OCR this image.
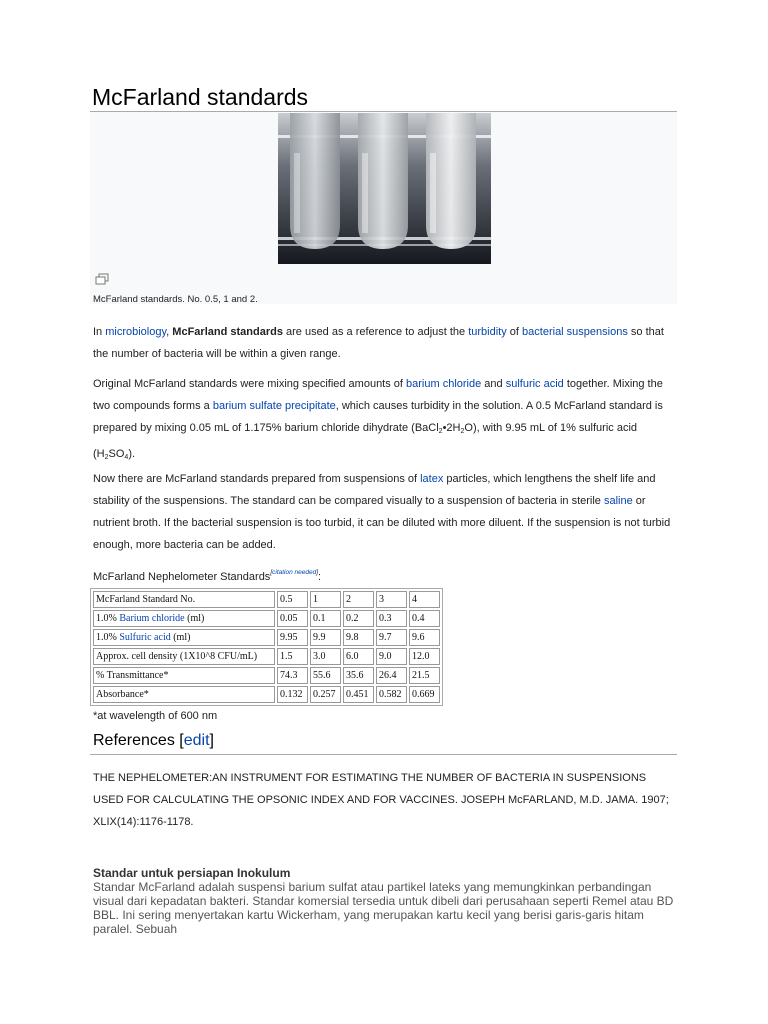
McFarland standards
McFarland standards. No. 0.5, 1 and 2.
In microbiology, McFarland standards are used as a reference to adjust the turbidity of bacterial suspensions so that the number of bacteria will be within a given range.
Original McFarland standards were mixing specified amounts of barium chloride and sulfuric acid together. Mixing the two compounds forms a barium sulfate precipitate, which causes turbidity in the solution. A 0.5 McFarland standard is prepared by mixing 0.05 mL of 1.175% barium chloride dihydrate $(BaCl_2•2H_2O)$, with 9.95 mL of 1% sulfuric acid $(H_2SO_4)$.
Now there are McFarland standards prepared from suspensions of latex particles, which lengthens the shelf life and stability of the suspensions. The standard can be compared visually to a suspension of bacteria in sterile saline or nutrient broth. If the bacterial suspension is too turbid, it can be diluted with more diluent. If the suspension is not turbid enough, more bacteria can be added.
McFarland Nephelometer Standards[citation needed]:
McFarland Standard No.	0.5	1	2	3	4
1.0% Barium chloride (ml)	0.05	0.1	0.2	0.3	0.4
1.0% Sulfuric acid (ml)	9.95	9.9	9.8	9.7	9.6
Approx. cell density (1X10^8 CFU/mL)	1.5	3.0	6.0	9.0	12.0
% Transmittance*	74.3	55.6	35.6	26.4	21.5
Absorbance*	0.132	0.257	0.451	0.582	0.669
*at wavelength of 600 nm
References [edit]
THE NEPHELOMETER:AN INSTRUMENT FOR ESTIMATING THE NUMBER OF BACTERIA IN SUSPENSIONS USED FOR CALCULATING THE OPSONIC INDEX AND FOR VACCINES. JOSEPH McFARLAND, M.D. JAMA. 1907; XLIX(14):1176-1178.
Standar untuk persiapan Inokulum
Standar McFarland adalah suspensi barium sulfat atau partikel lateks yang memungkinkan perbandingan visual dari kepadatan bakteri. Standar komersial tersedia untuk dibeli dari perusahaan seperti Remel atau BD BBL. Ini sering menyertakan kartu Wickerham, yang merupakan kartu kecil yang berisi garis-garis hitam paralel. Sebuah
